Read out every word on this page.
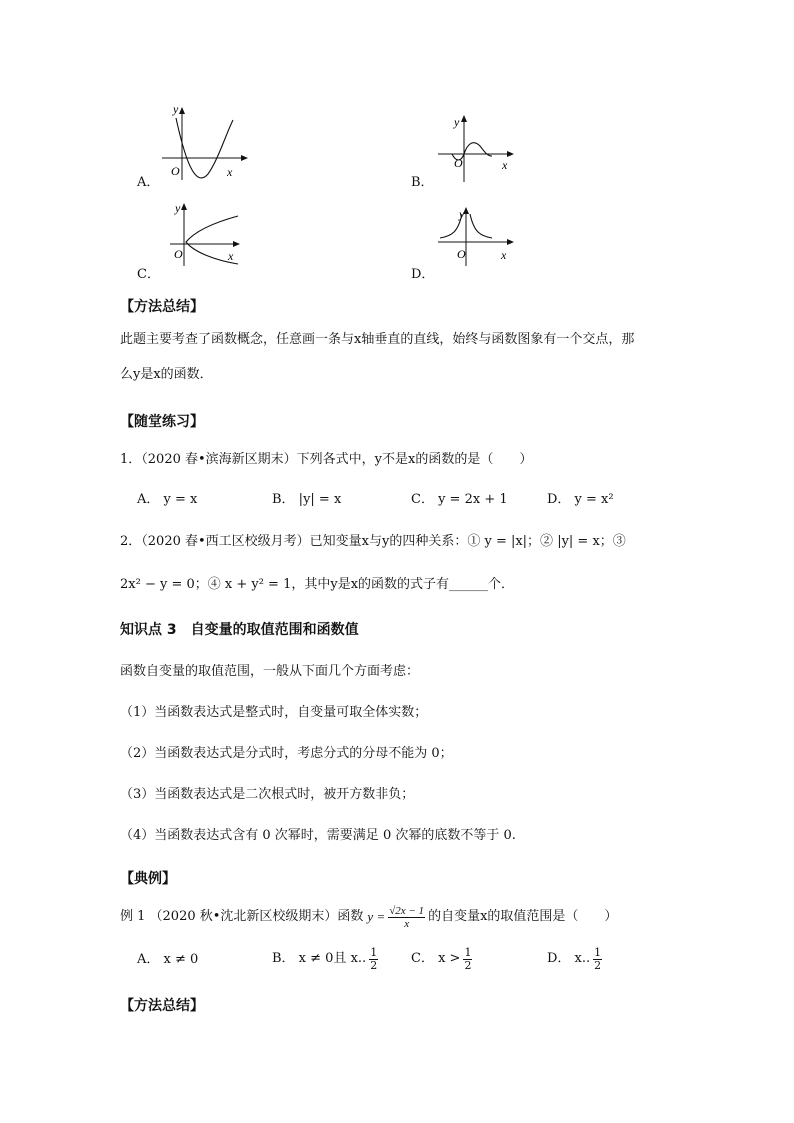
A．
y
x
O
B．
y
x
O
C．
y
x
O
D．
y
x
O
【方法总结】
此题主要考查了函数概念，任意画一条与x轴垂直的直线，始终与函数图象有一个交点，那
么y是x的函数．
【随堂练习】
1．（2020 春•滨海新区期末）下列各式中，y不是x的函数的是（　　）
A． y = x	B． |y| = x	C． y = 2x + 1	D． y = x²
2．（2020 春•西工区校级月考）已知变量x与y的四种关系：① y = |x|；② |y| = x；③
2x² − y = 0；④ x + y² = 1，其中y是x的函数的式子有______个．
知识点 3　自变量的取值范围和函数值
函数自变量的取值范围，一般从下面几个方面考虑：
（1）当函数表达式是整式时，自变量可取全体实数；
（2）当函数表达式是分式时，考虑分式的分母不能为 0；
（3）当函数表达式是二次根式时，被开方数非负；
（4）当函数表达式含有 0 次幂时，需要满足 0 次幂的底数不等于 0.
【典例】
例 1 （2020 秋•沈北新区校级期末）函数 $y = \frac{√2x - 1}{x}$ 的自变量x的取值范围是（　　）
A． x ≠ 0	B． x ≠ 0且 x.. $\frac{1}{2}$	C． $x > \frac{1}{2}$	D． x.. $\frac{1}{2}$
【方法总结】
